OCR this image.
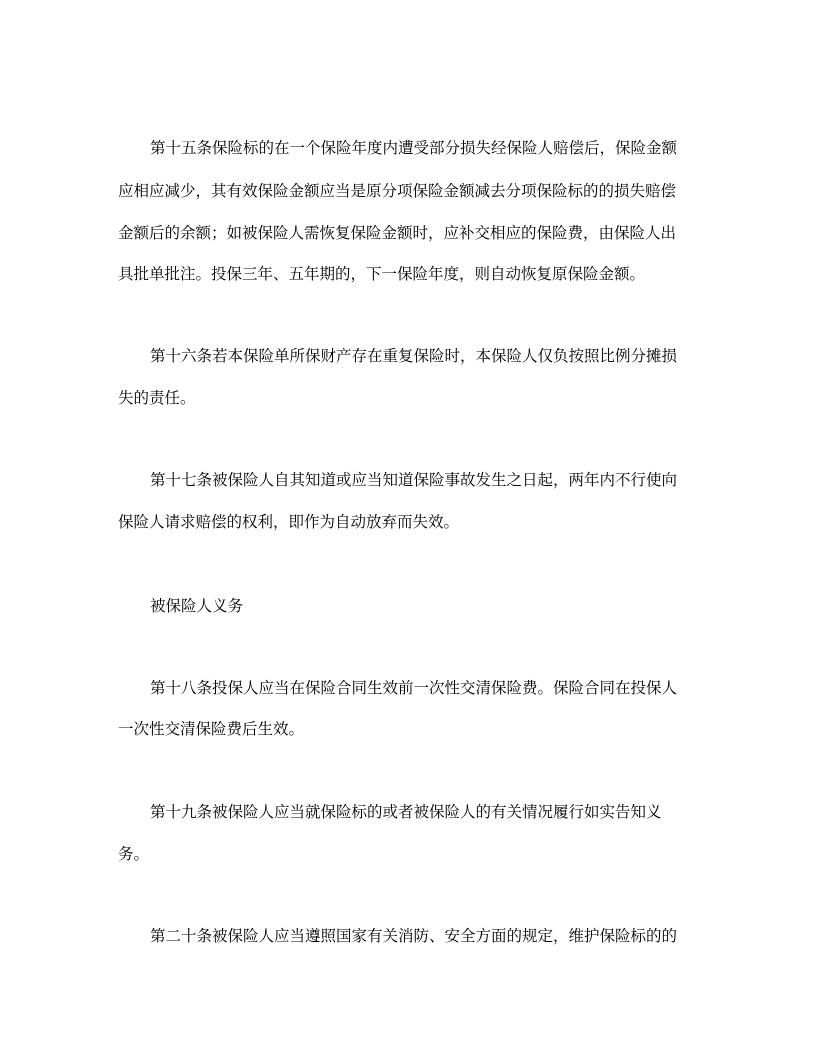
第十五条保险标的在一个保险年度内遭受部分损失经保险人赔偿后，保险金额
应相应减少，其有效保险金额应当是原分项保险金额减去分项保险标的的损失赔偿
金额后的余额；如被保险人需恢复保险金额时，应补交相应的保险费，由保险人出
具批单批注。投保三年、五年期的，下一保险年度，则自动恢复原保险金额。
第十六条若本保险单所保财产存在重复保险时，本保险人仅负按照比例分摊损
失的责任。
第十七条被保险人自其知道或应当知道保险事故发生之日起，两年内不行使向
保险人请求赔偿的权利，即作为自动放弃而失效。
被保险人义务
第十八条投保人应当在保险合同生效前一次性交清保险费。保险合同在投保人
一次性交清保险费后生效。
第十九条被保险人应当就保险标的或者被保险人的有关情况履行如实告知义
务。
第二十条被保险人应当遵照国家有关消防、安全方面的规定，维护保险标的的
